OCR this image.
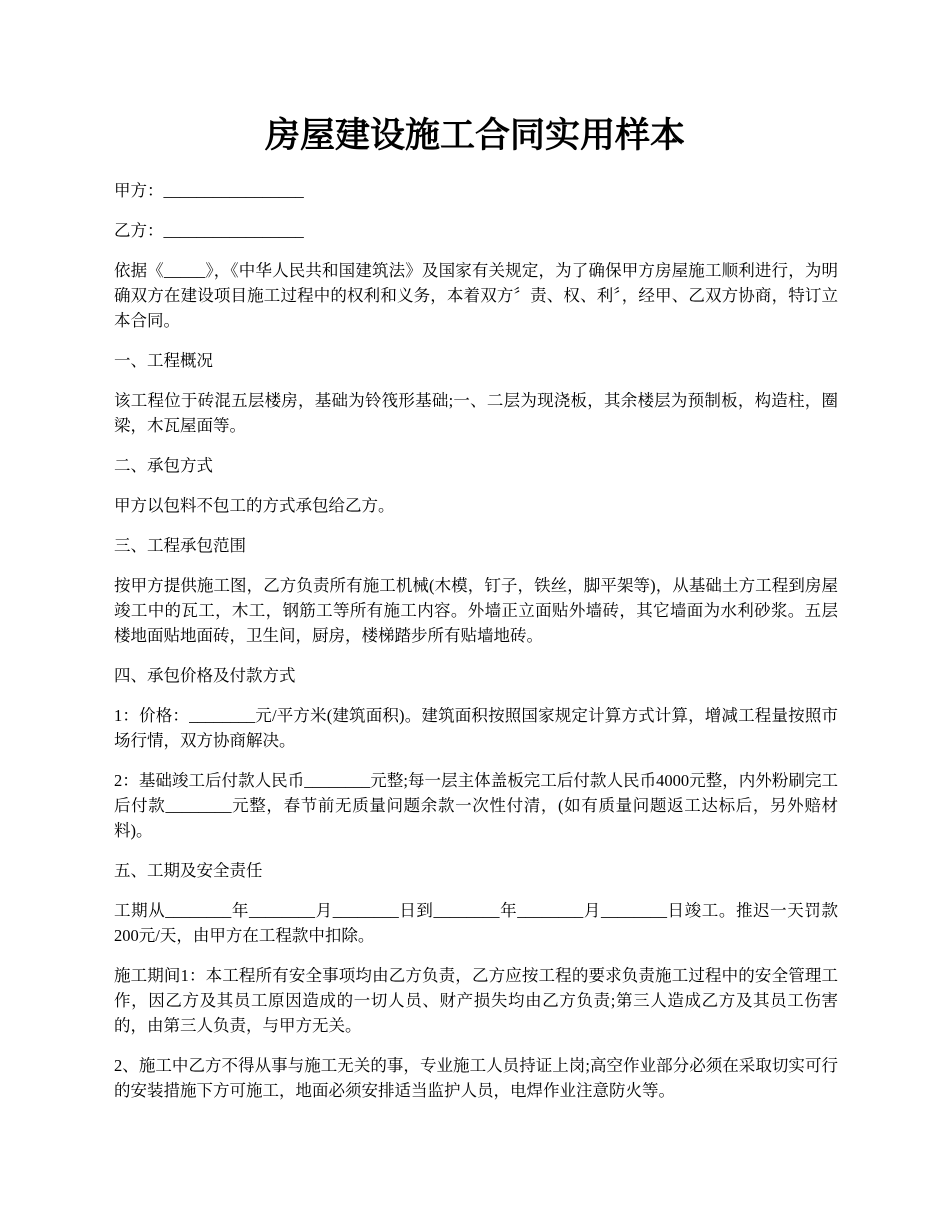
房屋建设施工合同实用样本

甲方：_________________

乙方：_________________

依据《_____》，《中华人民共和国建筑法》及国家有关规定，为了确保甲方房屋施工顺利进行，为明确双方在建设项目施工过程中的权利和义务，本着双方〞责、权、利〞，经甲、乙双方协商，特订立本合同。

一、工程概况

该工程位于砖混五层楼房，基础为铃筏形基础;一、二层为现浇板，其余楼层为预制板，构造柱，圈梁，木瓦屋面等。

二、承包方式

甲方以包料不包工的方式承包给乙方。

三、工程承包范围

按甲方提供施工图，乙方负责所有施工机械(木模，钉子，铁丝，脚平架等)，从基础土方工程到房屋竣工中的瓦工，木工，钢筋工等所有施工内容。外墙正立面贴外墙砖，其它墙面为水利砂浆。五层楼地面贴地面砖，卫生间，厨房，楼梯踏步所有贴墙地砖。

四、承包价格及付款方式

1：价格：________元/平方米(建筑面积)。建筑面积按照国家规定计算方式计算，增减工程量按照市场行情，双方协商解决。

2：基础竣工后付款人民币________元整;每一层主体盖板完工后付款人民币4000元整，内外粉刷完工后付款________元整，春节前无质量问题余款一次性付清，(如有质量问题返工达标后，另外赔材料)。

五、工期及安全责任

工期从________年________月________日到________年________月________日竣工。推迟一天罚款200元/天，由甲方在工程款中扣除。

施工期间1：本工程所有安全事项均由乙方负责，乙方应按工程的要求负责施工过程中的安全管理工作，因乙方及其员工原因造成的一切人员、财产损失均由乙方负责;第三人造成乙方及其员工伤害的，由第三人负责，与甲方无关。

2、施工中乙方不得从事与施工无关的事，专业施工人员持证上岗;高空作业部分必须在采取切实可行的安装措施下方可施工，地面必须安排适当监护人员，电焊作业注意防火等。
